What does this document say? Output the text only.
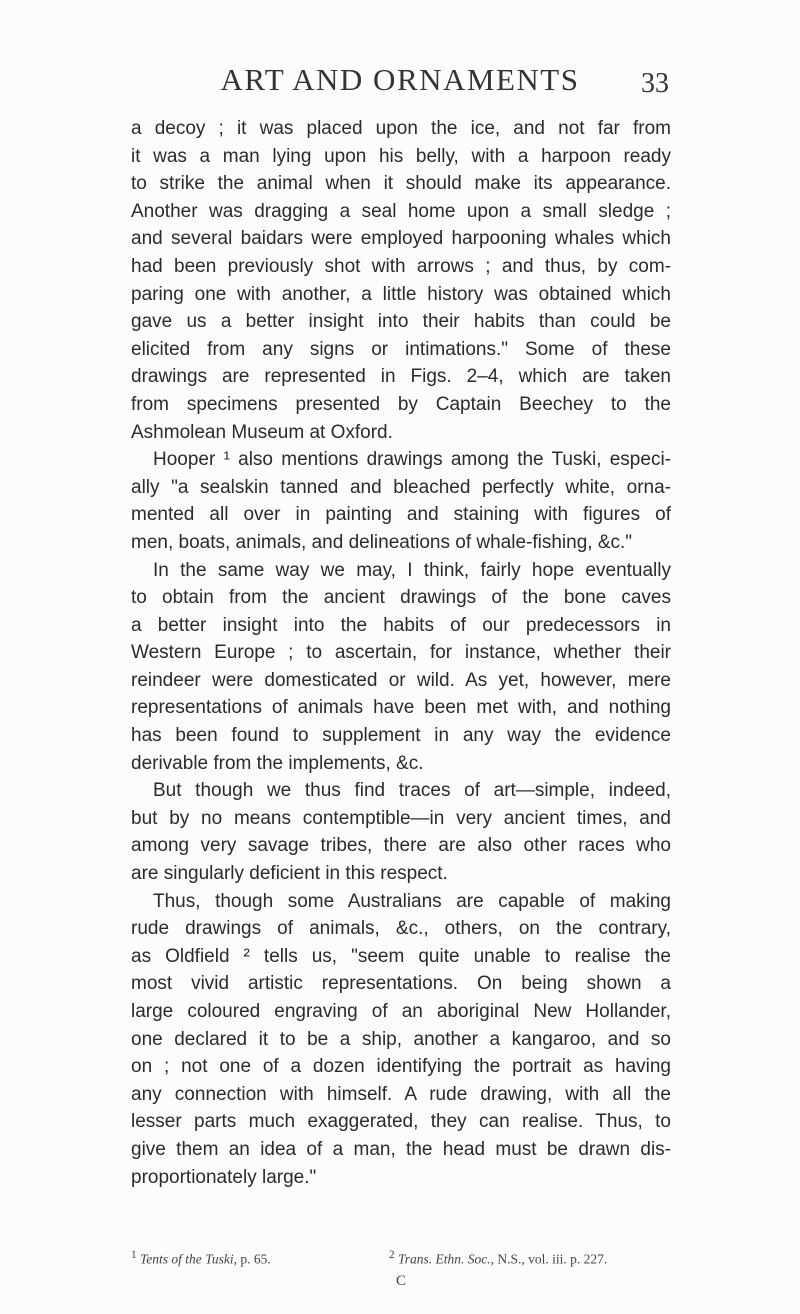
ART AND ORNAMENTS	33
a decoy ; it was placed upon the ice, and not far from
it was a man lying upon his belly, with a harpoon ready
to strike the animal when it should make its appearance.
Another was dragging a seal home upon a small sledge ;
and several baidars were employed harpooning whales which
had been previously shot with arrows ; and thus, by com-
paring one with another, a little history was obtained which
gave us a better insight into their habits than could be
elicited from any signs or intimations." Some of these
drawings are represented in Figs. 2–4, which are taken
from specimens presented by Captain Beechey to the
Ashmolean Museum at Oxford.
Hooper ¹ also mentions drawings among the Tuski, especi-
ally "a sealskin tanned and bleached perfectly white, orna-
mented all over in painting and staining with figures of
men, boats, animals, and delineations of whale-fishing, &c."
In the same way we may, I think, fairly hope eventually
to obtain from the ancient drawings of the bone caves
a better insight into the habits of our predecessors in
Western Europe ; to ascertain, for instance, whether their
reindeer were domesticated or wild. As yet, however, mere
representations of animals have been met with, and nothing
has been found to supplement in any way the evidence
derivable from the implements, &c.
But though we thus find traces of art—simple, indeed,
but by no means contemptible—in very ancient times, and
among very savage tribes, there are also other races who
are singularly deficient in this respect.
Thus, though some Australians are capable of making
rude drawings of animals, &c., others, on the contrary,
as Oldfield ² tells us, "seem quite unable to realise the
most vivid artistic representations. On being shown a
large coloured engraving of an aboriginal New Hollander,
one declared it to be a ship, another a kangaroo, and so
on ; not one of a dozen identifying the portrait as having
any connection with himself. A rude drawing, with all the
lesser parts much exaggerated, they can realise. Thus, to
give them an idea of a man, the head must be drawn dis-
proportionately large."
$^1$ Tents of the Tuski, p. 65.	$^2$ Trans. Ethn. Soc., N.S., vol. iii. p. 227.
C
